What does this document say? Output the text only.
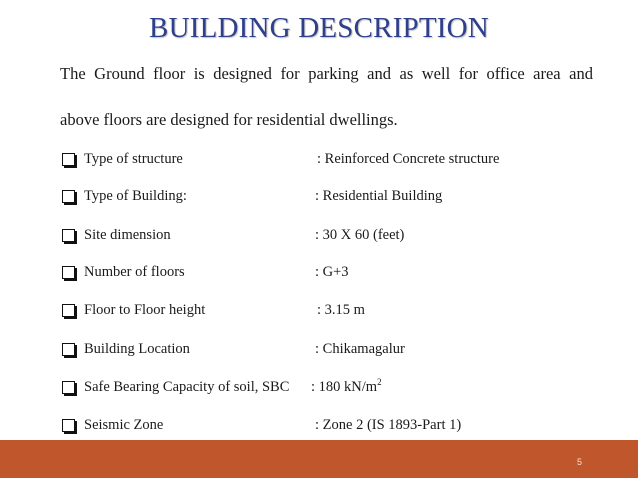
BUILDING DESCRIPTION
The Ground floor is designed for parking and as well for office area and
above floors are designed for residential dwellings.
Type of structure	: Reinforced Concrete structure
Type of Building:	: Residential Building
Site dimension	: 30 X 60 (feet)
Number of floors	: G+3
Floor to Floor height	: 3.15 m
Building Location	: Chikamagalur
Safe Bearing Capacity of soil, SBC : 180 $kN/m^2$
Seismic Zone	: Zone 2 (IS 1893-Part 1)
5
